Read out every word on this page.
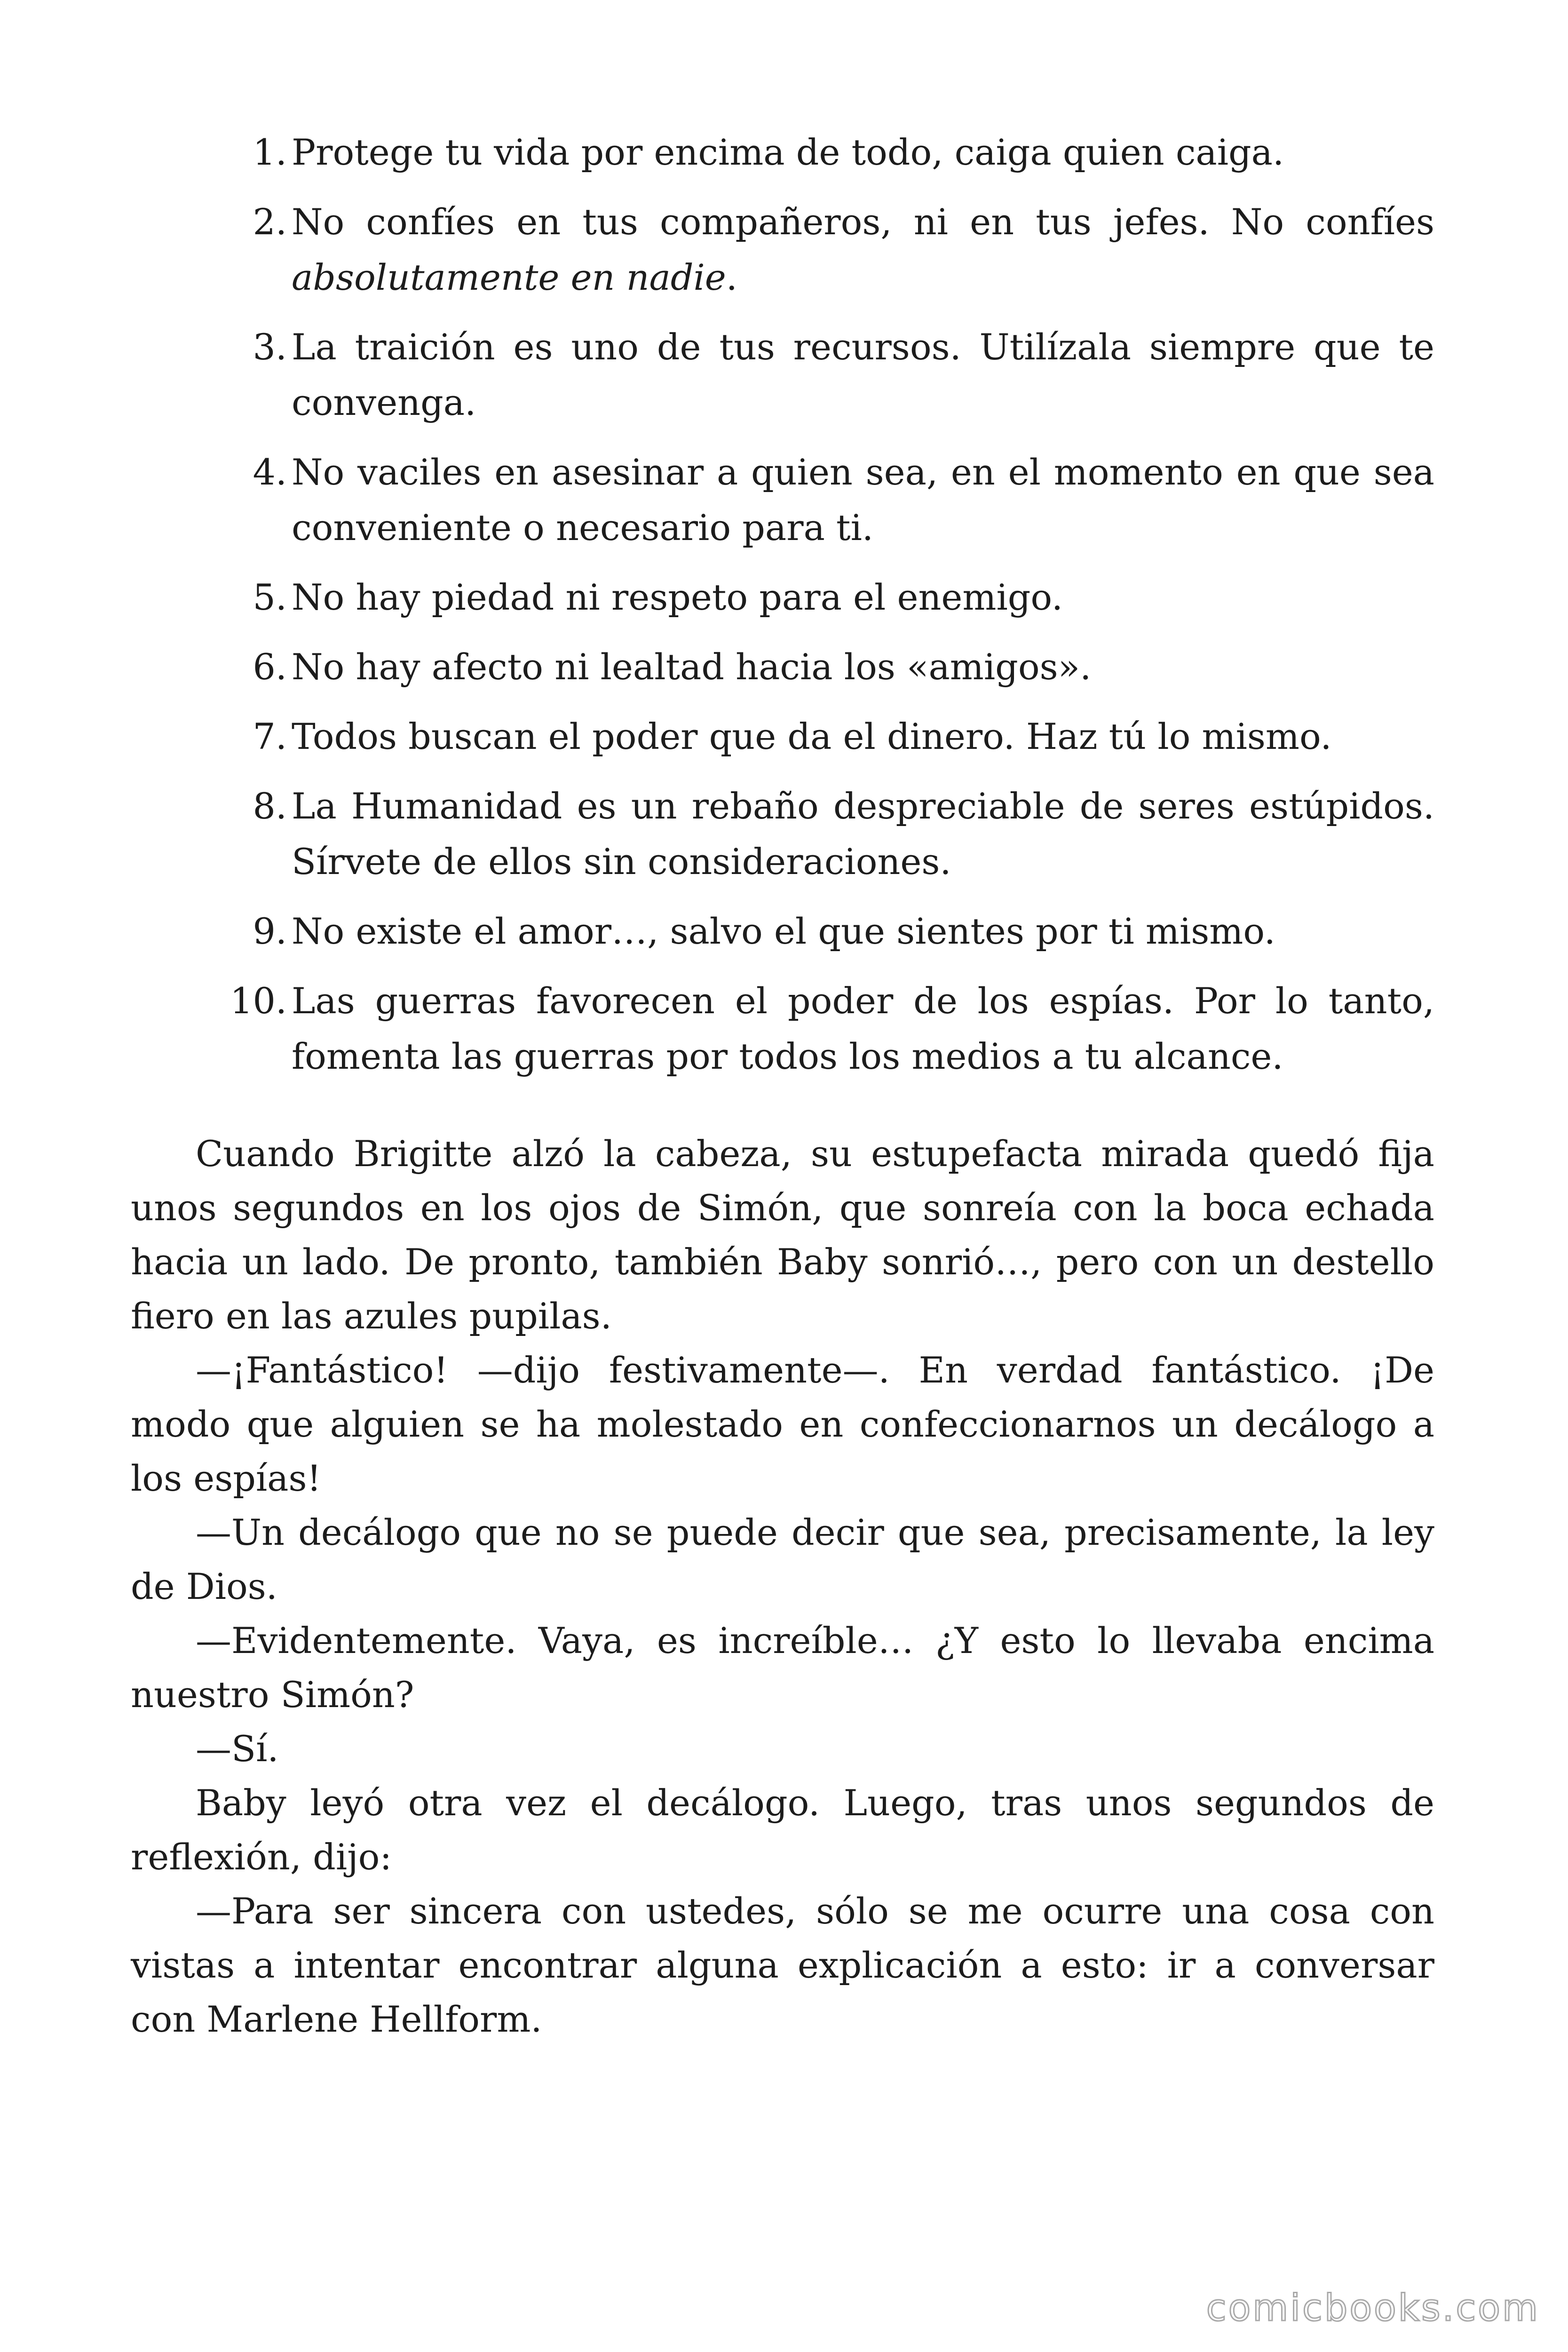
1. Protege tu vida por encima de todo, caiga quien caiga.
2. No confíes en tus compañeros, ni en tus jefes. No confíes absolutamente en nadie.
3. La traición es uno de tus recursos. Utilízala siempre que te convenga.
4. No vaciles en asesinar a quien sea, en el momento en que sea conveniente o necesario para ti.
5. No hay piedad ni respeto para el enemigo.
6. No hay afecto ni lealtad hacia los «amigos».
7. Todos buscan el poder que da el dinero. Haz tú lo mismo.
8. La Humanidad es un rebaño despreciable de seres estúpidos. Sírvete de ellos sin consideraciones.
9. No existe el amor…, salvo el que sientes por ti mismo.
10. Las guerras favorecen el poder de los espías. Por lo tanto, fomenta las guerras por todos los medios a tu alcance.

Cuando Brigitte alzó la cabeza, su estupefacta mirada quedó fija unos segundos en los ojos de Simón, que sonreía con la boca echada hacia un lado. De pronto, también Baby sonrió…, pero con un destello fiero en las azules pupilas.

—¡Fantástico! —dijo festivamente—. En verdad fantástico. ¡De modo que alguien se ha molestado en confeccionarnos un decálogo a los espías!

—Un decálogo que no se puede decir que sea, precisamente, la ley de Dios.

—Evidentemente. Vaya, es increíble… ¿Y esto lo llevaba encima nuestro Simón?

—Sí.

Baby leyó otra vez el decálogo. Luego, tras unos segundos de reflexión, dijo:

—Para ser sincera con ustedes, sólo se me ocurre una cosa con vistas a intentar encontrar alguna explicación a esto: ir a conversar con Marlene Hellform.

comicbooks.com
